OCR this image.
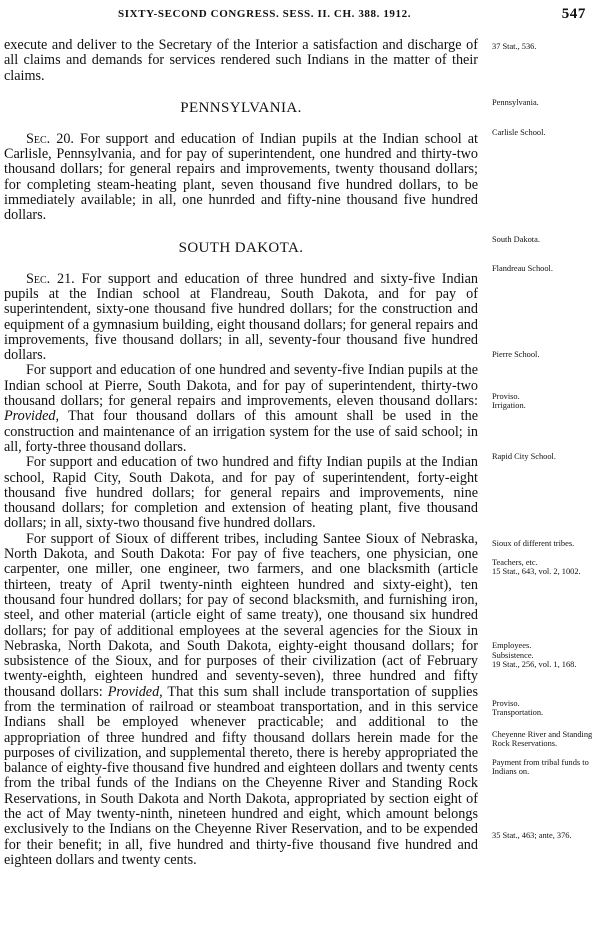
SIXTY-SECOND CONGRESS. SESS. II. CH. 388. 1912.	547

execute and deliver to the Secretary of the Interior a satisfaction and discharge of all claims and demands for services rendered such Indians in the matter of their claims.

PENNSYLVANIA.

Sec. 20. For support and education of Indian pupils at the Indian school at Carlisle, Pennsylvania, and for pay of superintendent, one hundred and thirty-two thousand dollars; for general repairs and improvements, twenty thousand dollars; for completing steam-heating plant, seven thousand five hundred dollars, to be immediately available; in all, one hunrded and fifty-nine thousand five hundred dollars.

SOUTH DAKOTA.

Sec. 21. For support and education of three hundred and sixty-five Indian pupils at the Indian school at Flandreau, South Dakota, and for pay of superintendent, sixty-one thousand five hundred dollars; for the construction and equipment of a gymnasium building, eight thousand dollars; for general repairs and improvements, five thousand dollars; in all, seventy-four thousand five hundred dollars.

For support and education of one hundred and seventy-five Indian pupils at the Indian school at Pierre, South Dakota, and for pay of superintendent, thirty-two thousand dollars; for general repairs and improvements, eleven thousand dollars: Provided, That four thousand dollars of this amount shall be used in the construction and maintenance of an irrigation system for the use of said school; in all, forty-three thousand dollars.

For support and education of two hundred and fifty Indian pupils at the Indian school, Rapid City, South Dakota, and for pay of superintendent, forty-eight thousand five hundred dollars; for general repairs and improvements, nine thousand dollars; for completion and extension of heating plant, five thousand dollars; in all, sixty-two thousand five hundred dollars.

For support of Sioux of different tribes, including Santee Sioux of Nebraska, North Dakota, and South Dakota: For pay of five teachers, one physician, one carpenter, one miller, one engineer, two farmers, and one blacksmith (article thirteen, treaty of April twenty-ninth eighteen hundred and sixty-eight), ten thousand four hundred dollars; for pay of second blacksmith, and furnishing iron, steel, and other material (article eight of same treaty), one thousand six hundred dollars; for pay of additional employees at the several agencies for the Sioux in Nebraska, North Dakota, and South Dakota, eighty-eight thousand dollars; for subsistence of the Sioux, and for purposes of their civilization (act of February twenty-eighth, eighteen hundred and seventy-seven), three hundred and fifty thousand dollars: Provided, That this sum shall include transportation of supplies from the termination of railroad or steamboat transportation, and in this service Indians shall be employed whenever practicable; and additional to the appropriation of three hundred and fifty thousand dollars herein made for the purposes of civilization, and supplemental thereto, there is hereby appropriated the balance of eighty-five thousand five hundred and eighteen dollars and twenty cents from the tribal funds of the Indians on the Cheyenne River and Standing Rock Reservations, in South Dakota and North Dakota, appropriated by section eight of the act of May twenty-ninth, nineteen hundred and eight, which amount belongs exclusively to the Indians on the Cheyenne River Reservation, and to be expended for their benefit; in all, five hundred and thirty-five thousand five hundred and eighteen dollars and twenty cents.

37 Stat., 536.
Pennsylvania.
Carlisle School.
South Dakota.
Flandreau School.
Pierre School.
Proviso.
Irrigation.
Rapid City School.
Sioux of different tribes.
Teachers, etc.
15 Stat., 643, vol. 2, 1002.
Employees.
Subsistence.
19 Stat., 256, vol. 1, 168.
Proviso.
Transportation.
Cheyenne River and Standing Rock Reservations.
Payment from tribal funds to Indians on.
35 Stat., 463; ante, 376.
